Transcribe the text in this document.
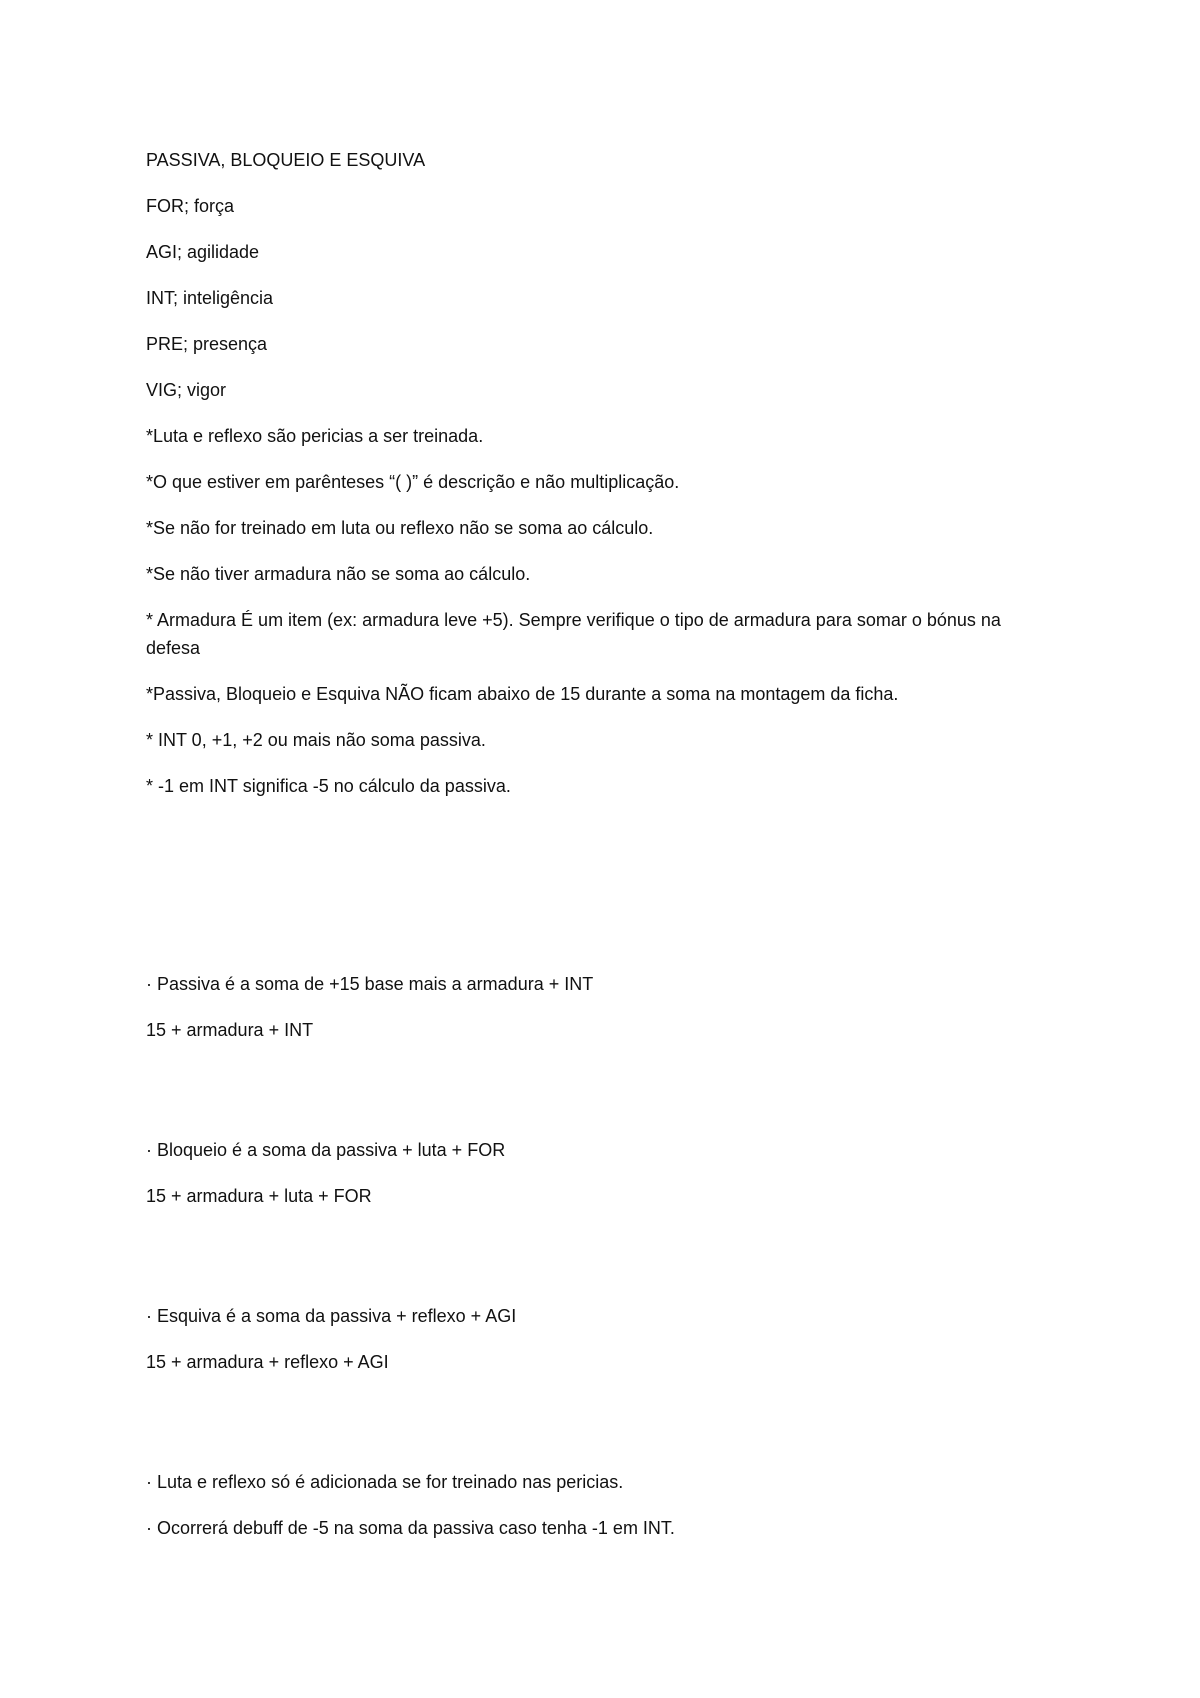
PASSIVA, BLOQUEIO E ESQUIVA
FOR; força
AGI; agilidade
INT; inteligência
PRE; presença
VIG; vigor
*Luta e reflexo são pericias a ser treinada.
*O que estiver em parênteses “( )” é descrição e não multiplicação.
*Se não for treinado em luta ou reflexo não se soma ao cálculo.
*Se não tiver armadura não se soma ao cálculo.
* Armadura É um item (ex: armadura leve +5). Sempre verifique o tipo de armadura para somar o bónus na defesa
*Passiva, Bloqueio e Esquiva NÃO ficam abaixo de 15 durante a soma na montagem da ficha.
* INT 0, +1, +2 ou mais não soma passiva.
* -1 em INT significa -5 no cálculo da passiva.
· Passiva é a soma de +15 base mais a armadura + INT
15 + armadura + INT
· Bloqueio é a soma da passiva + luta + FOR
15 + armadura + luta + FOR
· Esquiva é a soma da passiva + reflexo + AGI
15 + armadura + reflexo + AGI
· Luta e reflexo só é adicionada se for treinado nas pericias.
· Ocorrerá debuff de -5 na soma da passiva caso tenha -1 em INT.
